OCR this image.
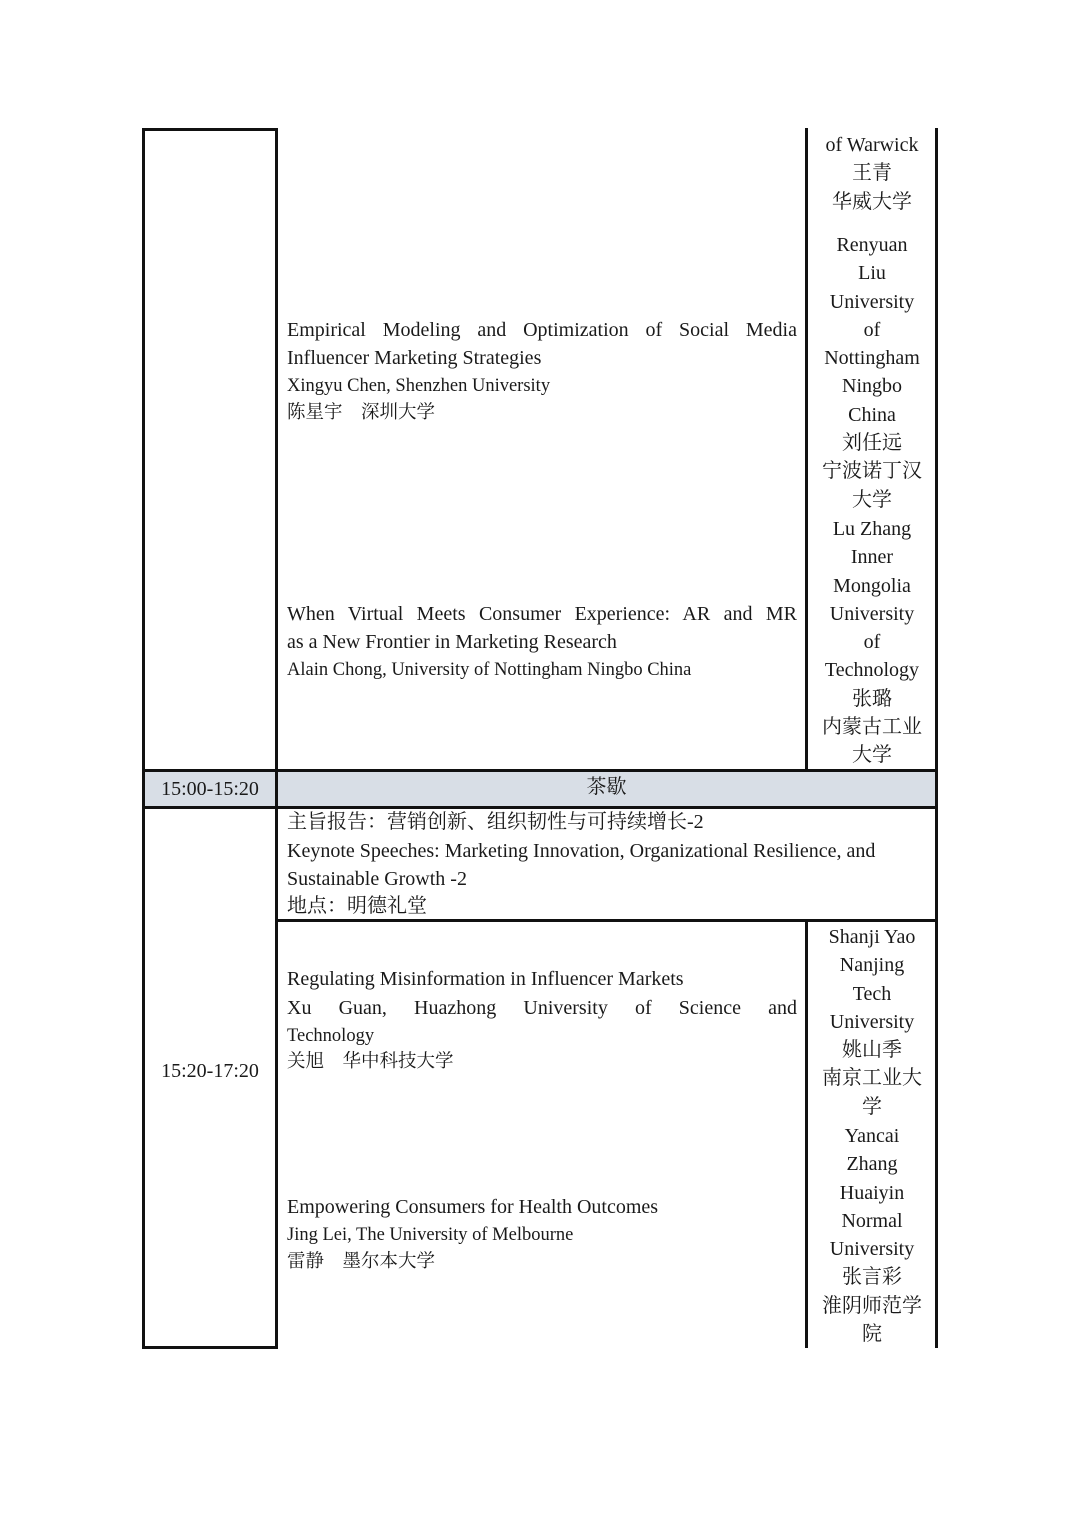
15:00-15:20	茶歇
15:20-17:20
Empirical Modeling and Optimization of Social Media
Influencer Marketing Strategies
Xingyu Chen, Shenzhen University
陈星宇　深圳大学
When Virtual Meets Consumer Experience: AR and MR
as a New Frontier in Marketing Research
Alain Chong, University of Nottingham Ningbo China
主旨报告：营销创新、组织韧性与可持续增长-2
Keynote Speeches: Marketing Innovation, Organizational Resilience, and
Sustainable Growth -2
地点：明德礼堂
Regulating Misinformation in Influencer Markets
Xu Guan, Huazhong University of Science and
Technology
关旭　华中科技大学
Empowering Consumers for Health Outcomes
Jing Lei, The University of Melbourne
雷静　墨尔本大学
of Warwick
王青
华威大学
Renyuan
Liu
University
of
Nottingham
Ningbo
China
刘任远
宁波诺丁汉
大学
Lu Zhang
Inner
Mongolia
University
of
Technology
张璐
内蒙古工业
大学
Shanji Yao
Nanjing
Tech
University
姚山季
南京工业大
学
Yancai
Zhang
Huaiyin
Normal
University
张言彩
淮阴师范学
院
